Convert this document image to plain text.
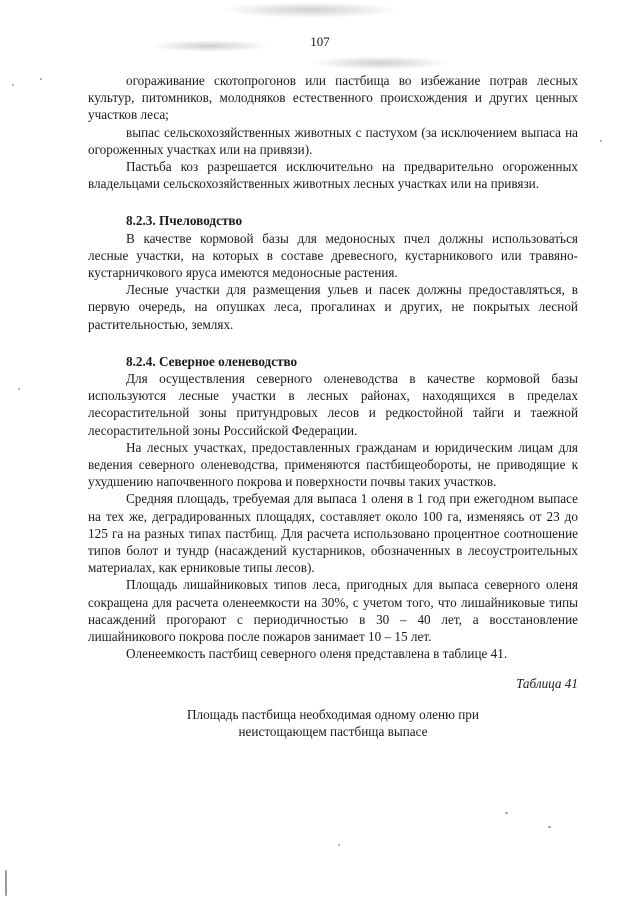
107

огораживание скотопрогонов или пастбища во избежание потрав лесных культур, питомников, молодняков естественного происхождения и других ценных участков леса;

выпас сельскохозяйственных животных с пастухом (за исключением выпаса на огороженных участках или на привязи).

Пастьба коз разрешается исключительно на предварительно огороженных владельцами сельскохозяйственных животных лесных участках или на привязи.

8.2.3. Пчеловодство

В качестве кормовой базы для медоносных пчел должны использоваться лесные участки, на которых в составе древесного, кустарникового или травяно-кустарничкового яруса имеются медоносные растения.

Лесные участки для размещения ульев и пасек должны предоставляться, в первую очередь, на опушках леса, прогалинах и других, не покрытых лесной растительностью, землях.

8.2.4. Северное оленеводство

Для осуществления северного оленеводства в качестве кормовой базы используются лесные участки в лесных районах, находящихся в пределах лесорастительной зоны притундровых лесов и редкостойной тайги и таежной лесорастительной зоны Российской Федерации.

На лесных участках, предоставленных гражданам и юридическим лицам для ведения северного оленеводства, применяются пастбищеобороты, не приводящие к ухудшению напочвенного покрова и поверхности почвы таких участков.

Средняя площадь, требуемая для выпаса 1 оленя в 1 год при ежегодном выпасе на тех же, деградированных площадях, составляет около 100 га, изменяясь от 23 до 125 га на разных типах пастбищ. Для расчета использовано процентное соотношение типов болот и тундр (насаждений кустарников, обозначенных в лесоустроительных материалах, как ерниковые типы лесов).

Площадь лишайниковых типов леса, пригодных для выпаса северного оленя сокращена для расчета оленеемкости на 30%, с учетом того, что лишайниковые типы насаждений прогорают с периодичностью в 30 – 40 лет, а восстановление лишайникового покрова после пожаров занимает 10 – 15 лет.

Оленеемкость пастбищ северного оленя представлена в таблице 41.

Таблица 41

Площадь пастбища необходимая одному оленю при
неистощающем пастбища выпасе
